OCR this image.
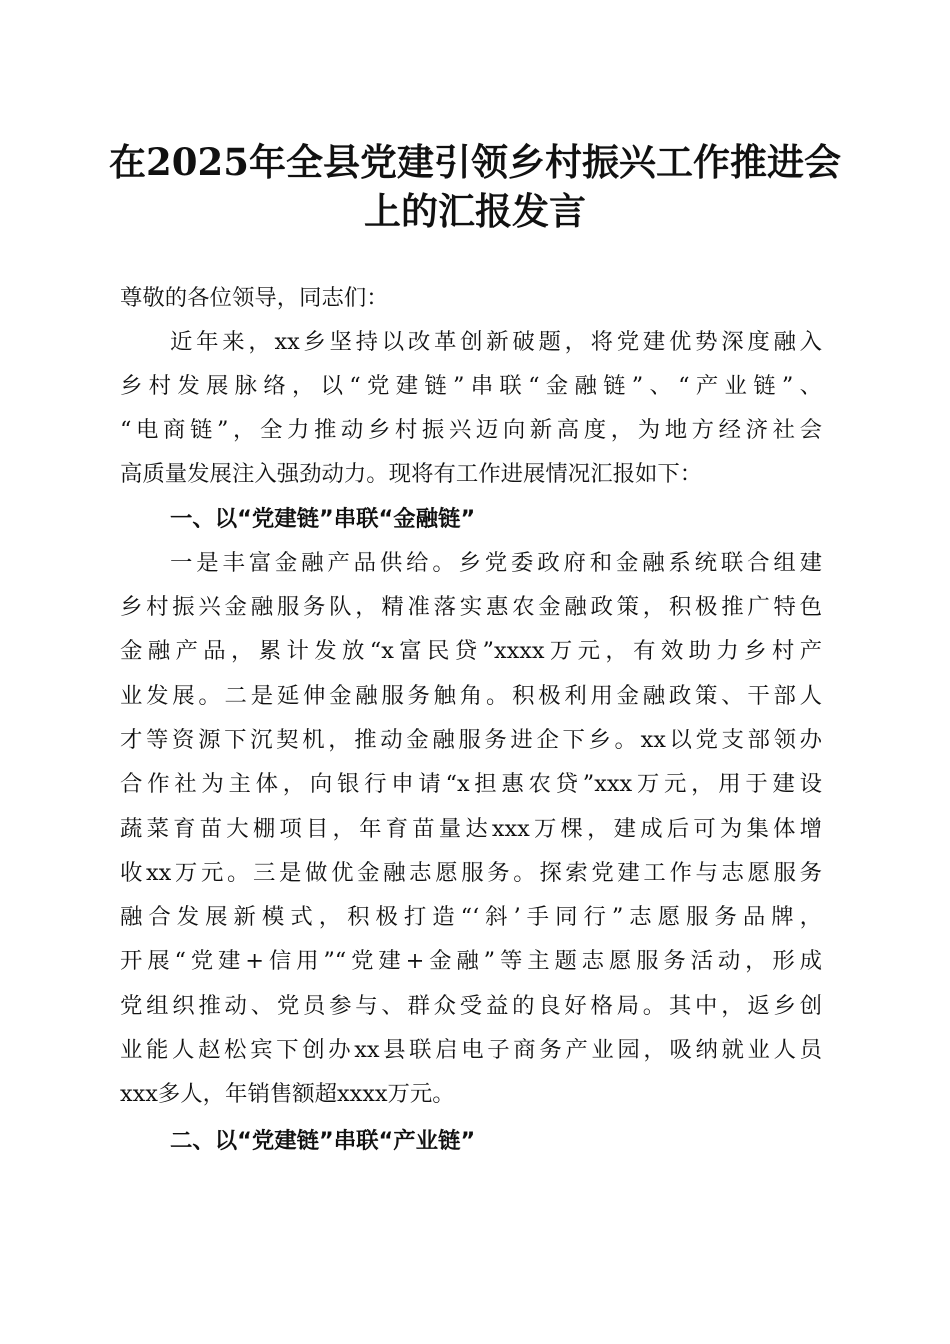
在2025年全县党建引领乡村振兴工作推进会
上的汇报发言
尊敬的各位领导，同志们：
近年来，xx乡坚持以改革创新破题，将党建优势深度融入
乡村发展脉络，以“党建链”串联“金融链”、“产业链”、
“电商链”，全力推动乡村振兴迈向新高度，为地方经济社会
高质量发展注入强劲动力。现将有工作进展情况汇报如下：
一、以“党建链”串联“金融链”
一是丰富金融产品供给。乡党委政府和金融系统联合组建
乡村振兴金融服务队，精准落实惠农金融政策，积极推广特色
金融产品，累计发放“x富民贷”xxxx万元，有效助力乡村产
业发展。二是延伸金融服务触角。积极利用金融政策、干部人
才等资源下沉契机，推动金融服务进企下乡。xx以党支部领办
合作社为主体，向银行申请“x担惠农贷”xxx万元，用于建设
蔬菜育苗大棚项目，年育苗量达xxx万棵，建成后可为集体增
收xx万元。三是做优金融志愿服务。探索党建工作与志愿服务
融合发展新模式，积极打造“‘斜’手同行”志愿服务品牌，
开展“党建+信用”“党建+金融”等主题志愿服务活动，形成
党组织推动、党员参与、群众受益的良好格局。其中，返乡创
业能人赵松宾下创办xx县联启电子商务产业园，吸纳就业人员
xxx多人，年销售额超xxxx万元。
二、以“党建链”串联“产业链”
